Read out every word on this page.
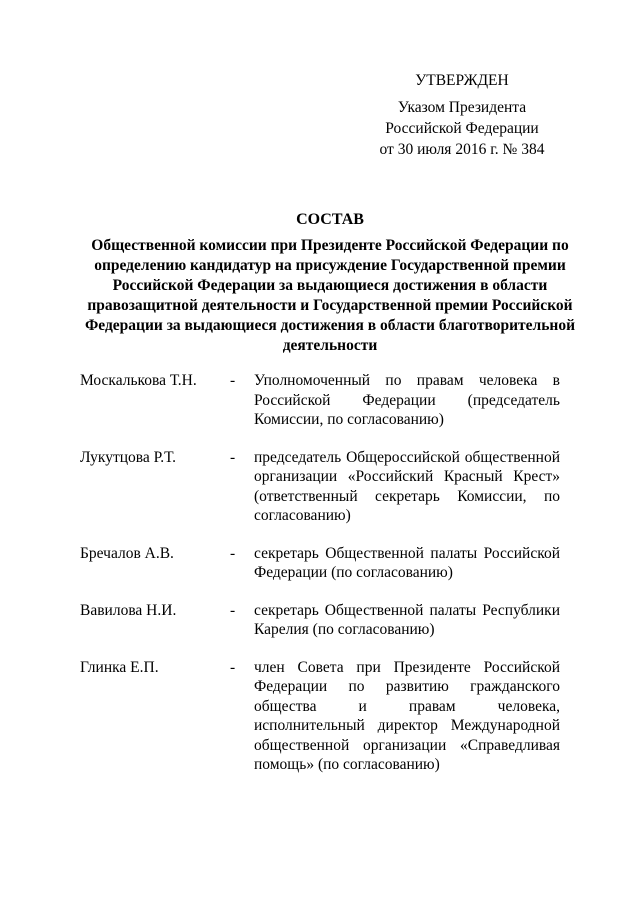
УТВЕРЖДЕН
Указом Президента
Российской Федерации
от 30 июля 2016 г. № 384
СОСТАВ
Общественной комиссии при Президенте Российской Федерации по определению кандидатур на присуждение Государственной премии Российской Федерации за выдающиеся достижения в области правозащитной деятельности и Государственной премии Российской Федерации за выдающиеся достижения в области благотворительной деятельности
Москалькова Т.Н.	-	Уполномоченный по правам человека в Российской Федерации (председатель Комиссии, по согласованию)
Лукутцова Р.Т.	-	председатель Общероссийской общественной организации «Российский Красный Крест» (ответственный секретарь Комиссии, по согласованию)
Бречалов А.В.	-	секретарь Общественной палаты Российской Федерации (по согласованию)
Вавилова Н.И.	-	секретарь Общественной палаты Республики Карелия (по согласованию)
Глинка Е.П.	-	член Совета при Президенте Российской Федерации по развитию гражданского общества и правам человека, исполнительный директор Международной общественной организации «Справедливая помощь» (по согласованию)
